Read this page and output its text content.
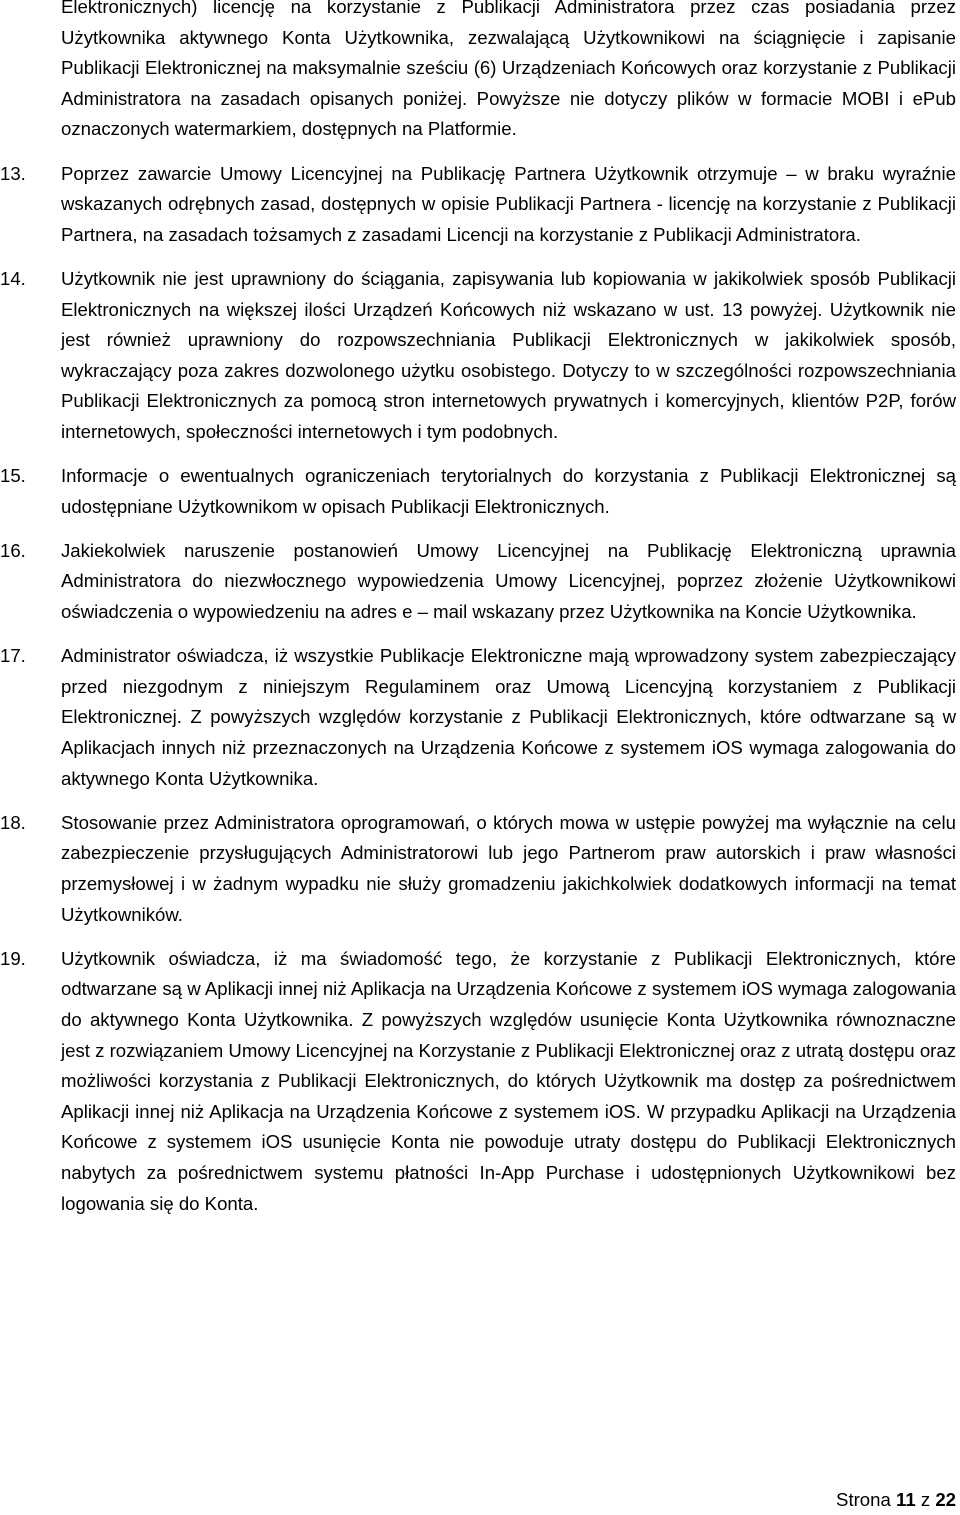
Elektronicznych) licencję na korzystanie z Publikacji Administratora przez czas posiadania przez Użytkownika aktywnego Konta Użytkownika, zezwalającą Użytkownikowi na ściągnięcie i zapisanie Publikacji Elektronicznej na maksymalnie sześciu (6) Urządzeniach Końcowych oraz korzystanie z Publikacji Administratora na zasadach opisanych poniżej. Powyższe nie dotyczy plików w formacie MOBI i ePub oznaczonych watermarkiem, dostępnych na Platformie.

13.	Poprzez zawarcie Umowy Licencyjnej na Publikację Partnera Użytkownik otrzymuje – w braku wyraźnie wskazanych odrębnych zasad, dostępnych w opisie Publikacji Partnera - licencję na korzystanie z Publikacji Partnera, na zasadach tożsamych z zasadami Licencji na korzystanie z Publikacji Administratora.

14.	Użytkownik nie jest uprawniony do ściągania, zapisywania lub kopiowania w jakikolwiek sposób Publikacji Elektronicznych na większej ilości Urządzeń Końcowych niż wskazano w ust. 13 powyżej. Użytkownik nie jest również uprawniony do rozpowszechniania Publikacji Elektronicznych w jakikolwiek sposób, wykraczający poza zakres dozwolonego użytku osobistego. Dotyczy to w szczególności rozpowszechniania Publikacji Elektronicznych za pomocą stron internetowych prywatnych i komercyjnych, klientów P2P, forów internetowych, społeczności internetowych i tym podobnych.

15.	Informacje o ewentualnych ograniczeniach terytorialnych do korzystania z Publikacji Elektronicznej są udostępniane Użytkownikom w opisach Publikacji Elektronicznych.

16.	Jakiekolwiek naruszenie postanowień Umowy Licencyjnej na Publikację Elektroniczną uprawnia Administratora do niezwłocznego wypowiedzenia Umowy Licencyjnej, poprzez złożenie Użytkownikowi oświadczenia o wypowiedzeniu na adres e – mail wskazany przez Użytkownika na Koncie Użytkownika.

17.	Administrator oświadcza, iż wszystkie Publikacje Elektroniczne mają wprowadzony system zabezpieczający przed niezgodnym z niniejszym Regulaminem oraz Umową Licencyjną korzystaniem z Publikacji Elektronicznej. Z powyższych względów korzystanie z Publikacji Elektronicznych, które odtwarzane są w Aplikacjach innych niż przeznaczonych na Urządzenia Końcowe z systemem iOS wymaga zalogowania do aktywnego Konta Użytkownika.

18.	Stosowanie przez Administratora oprogramowań, o których mowa w ustępie powyżej ma wyłącznie na celu zabezpieczenie przysługujących Administratorowi lub jego Partnerom praw autorskich i praw własności przemysłowej i w żadnym wypadku nie służy gromadzeniu jakichkolwiek dodatkowych informacji na temat Użytkowników.

19.	Użytkownik oświadcza, iż ma świadomość tego, że korzystanie z Publikacji Elektronicznych, które odtwarzane są w Aplikacji innej niż Aplikacja na Urządzenia Końcowe z systemem iOS wymaga zalogowania do aktywnego Konta Użytkownika. Z powyższych względów usunięcie Konta Użytkownika równoznaczne jest z rozwiązaniem Umowy Licencyjnej na Korzystanie z Publikacji Elektronicznej oraz z utratą dostępu oraz możliwości korzystania z Publikacji Elektronicznych, do których Użytkownik ma dostęp za pośrednictwem Aplikacji innej niż Aplikacja na Urządzenia Końcowe z systemem iOS. W przypadku Aplikacji na Urządzenia Końcowe z systemem iOS usunięcie Konta nie powoduje utraty dostępu do Publikacji Elektronicznych nabytych za pośrednictwem systemu płatności In-App Purchase i udostępnionych Użytkownikowi bez logowania się do Konta.

Strona 11 z 22
